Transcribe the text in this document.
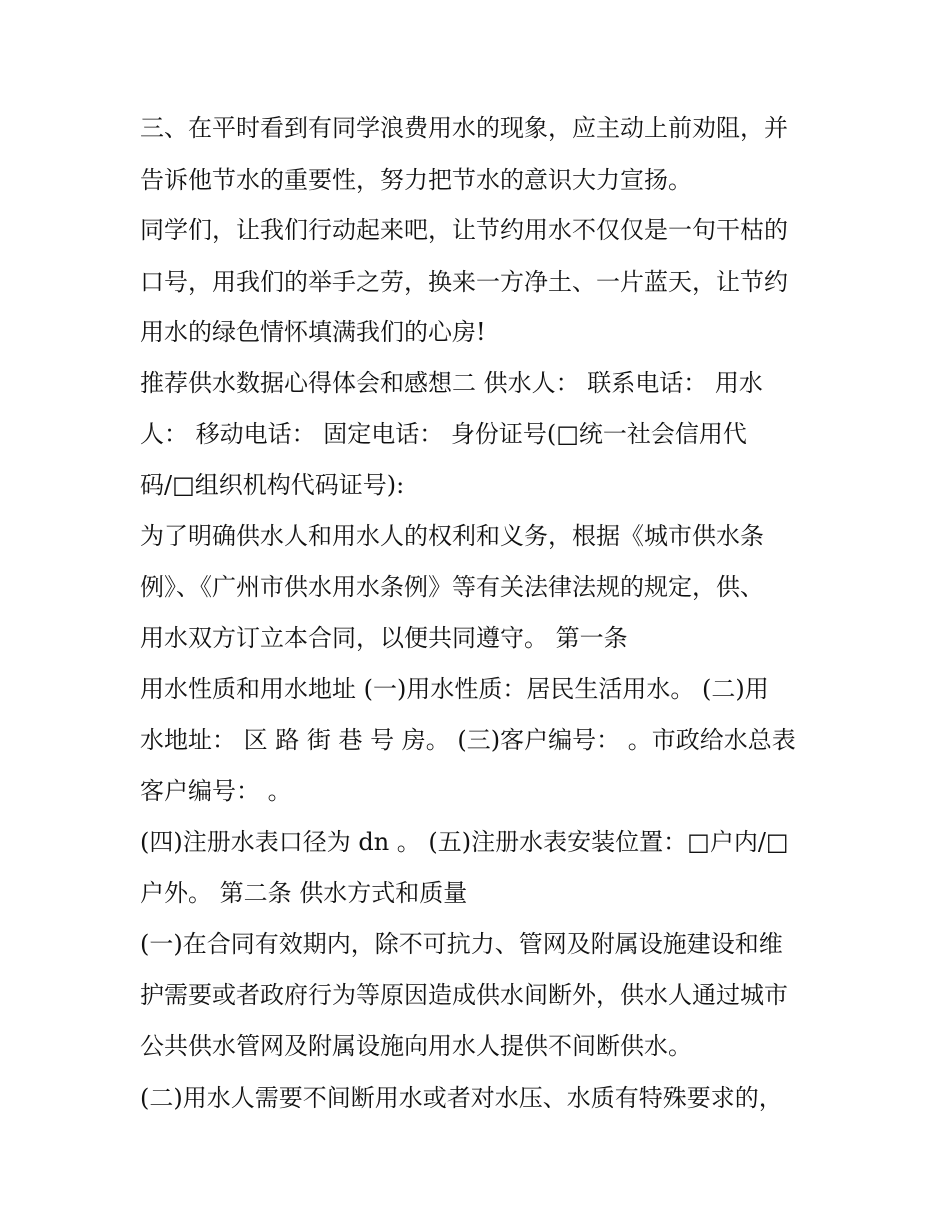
三、在平时看到有同学浪费用水的现象，应主动上前劝阻，并

告诉他节水的重要性，努力把节水的意识大力宣扬。

同学们，让我们行动起来吧，让节约用水不仅仅是一句干枯的

口号，用我们的举手之劳，换来一方净土、一片蓝天，让节约

用水的绿色情怀填满我们的心房!

推荐供水数据心得体会和感想二 供水人： 联系电话： 用水

人： 移动电话： 固定电话： 身份证号(□统一社会信用代

码/□组织机构代码证号):

为了明确供水人和用水人的权利和义务，根据《城市供水条

例》、《广州市供水用水条例》等有关法律法规的规定，供、

用水双方订立本合同，以便共同遵守。 第一条

用水性质和用水地址 (一)用水性质：居民生活用水。 (二)用

水地址： 区 路 街 巷 号 房。 (三)客户编号： 。市政给水总表

客户编号： 。

(四)注册水表口径为 dn 。 (五)注册水表安装位置：□户内/□

户外。 第二条 供水方式和质量

(一)在合同有效期内，除不可抗力、管网及附属设施建设和维

护需要或者政府行为等原因造成供水间断外，供水人通过城市

公共供水管网及附属设施向用水人提供不间断供水。

(二)用水人需要不间断用水或者对水压、水质有特殊要求的，
